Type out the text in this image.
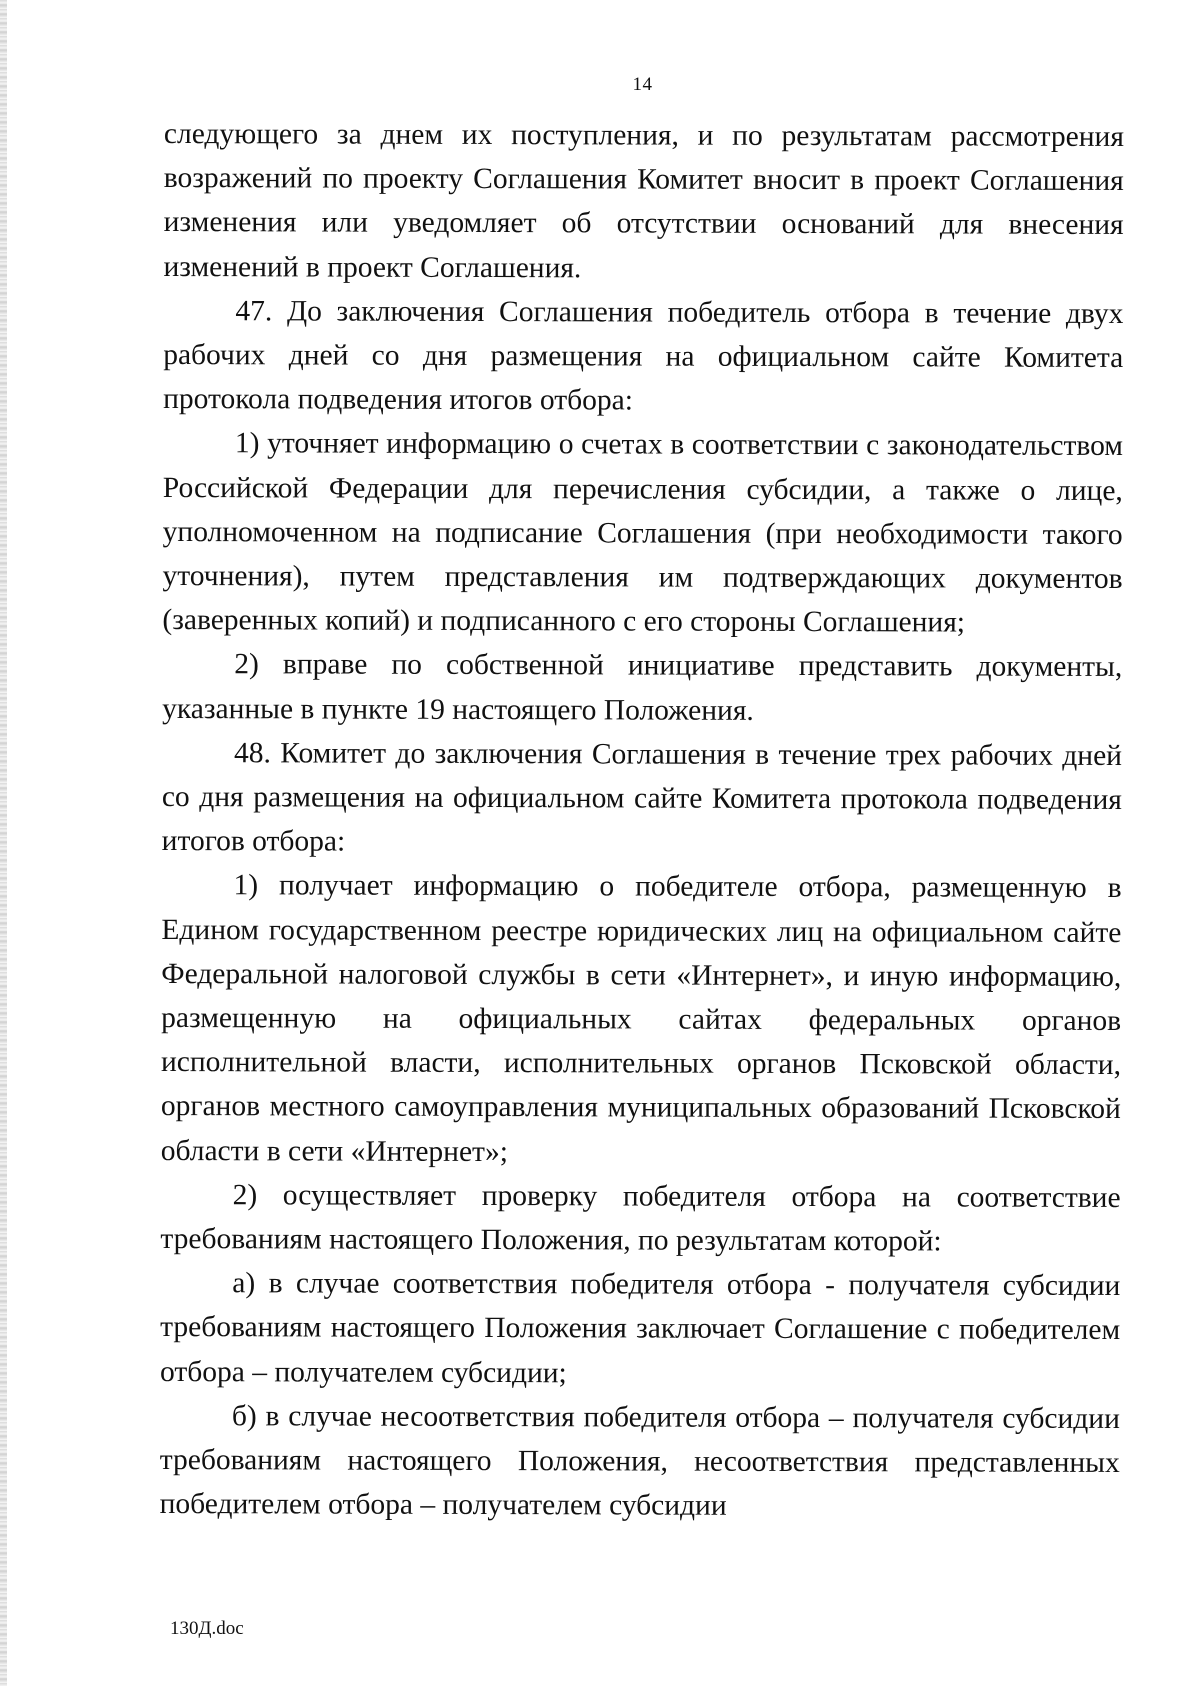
14

следующего за днем их поступления, и по результатам рассмотрения возражений по проекту Соглашения Комитет вносит в проект Соглашения изменения или уведомляет об отсутствии оснований для внесения изменений в проект Соглашения.

47. До заключения Соглашения победитель отбора в течение двух рабочих дней со дня размещения на официальном сайте Комитета протокола подведения итогов отбора:

1) уточняет информацию о счетах в соответствии с законодательством Российской Федерации для перечисления субсидии, а также о лице, уполномоченном на подписание Соглашения (при необходимости такого уточнения), путем представления им подтверждающих документов (заверенных копий) и подписанного с его стороны Соглашения;

2) вправе по собственной инициативе представить документы, указанные в пункте 19 настоящего Положения.

48. Комитет до заключения Соглашения в течение трех рабочих дней со дня размещения на официальном сайте Комитета протокола подведения итогов отбора:

1) получает информацию о победителе отбора, размещенную в Едином государственном реестре юридических лиц на официальном сайте Федеральной налоговой службы в сети «Интернет», и иную информацию, размещенную на официальных сайтах федеральных органов исполнительной власти, исполнительных органов Псковской области, органов местного самоуправления муниципальных образований Псковской области в сети «Интернет»;

2) осуществляет проверку победителя отбора на соответствие требованиям настоящего Положения, по результатам которой:

а) в случае соответствия победителя отбора - получателя субсидии требованиям настоящего Положения заключает Соглашение с победителем отбора – получателем субсидии;

б) в случае несоответствия победителя отбора – получателя субсидии требованиям настоящего Положения, несоответствия представленных победителем отбора – получателем субсидии

130Д.doc
